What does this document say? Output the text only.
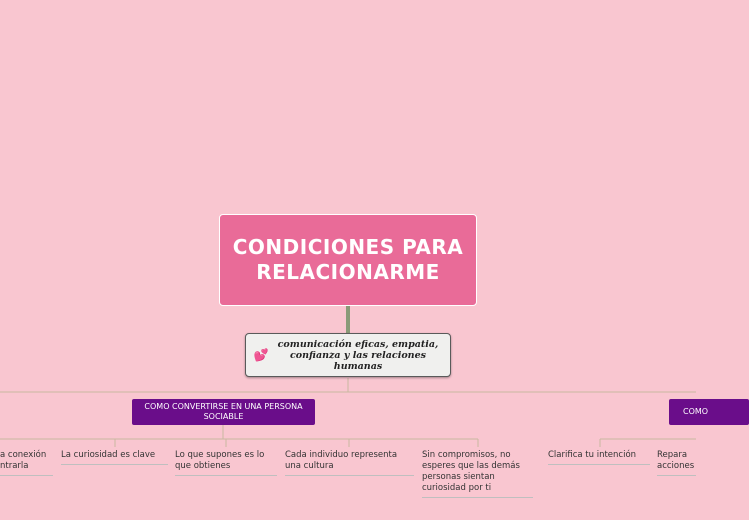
CONDICIONES PARA RELACIONARME
💕
comunicación eficas, empatia, confianza y las relaciones humanas
COMO CONVERTIRSE EN UNA PERSONA SOCIABLE
COMO
a conexión ntrarla
La curiosidad es clave	Lo que supones es lo que obtienes
Cada individuo representa una cultura
Sin compromisos, no esperes que las demás personas sientan curiosidad por ti
Clarifica tu intención	Repara acciones
